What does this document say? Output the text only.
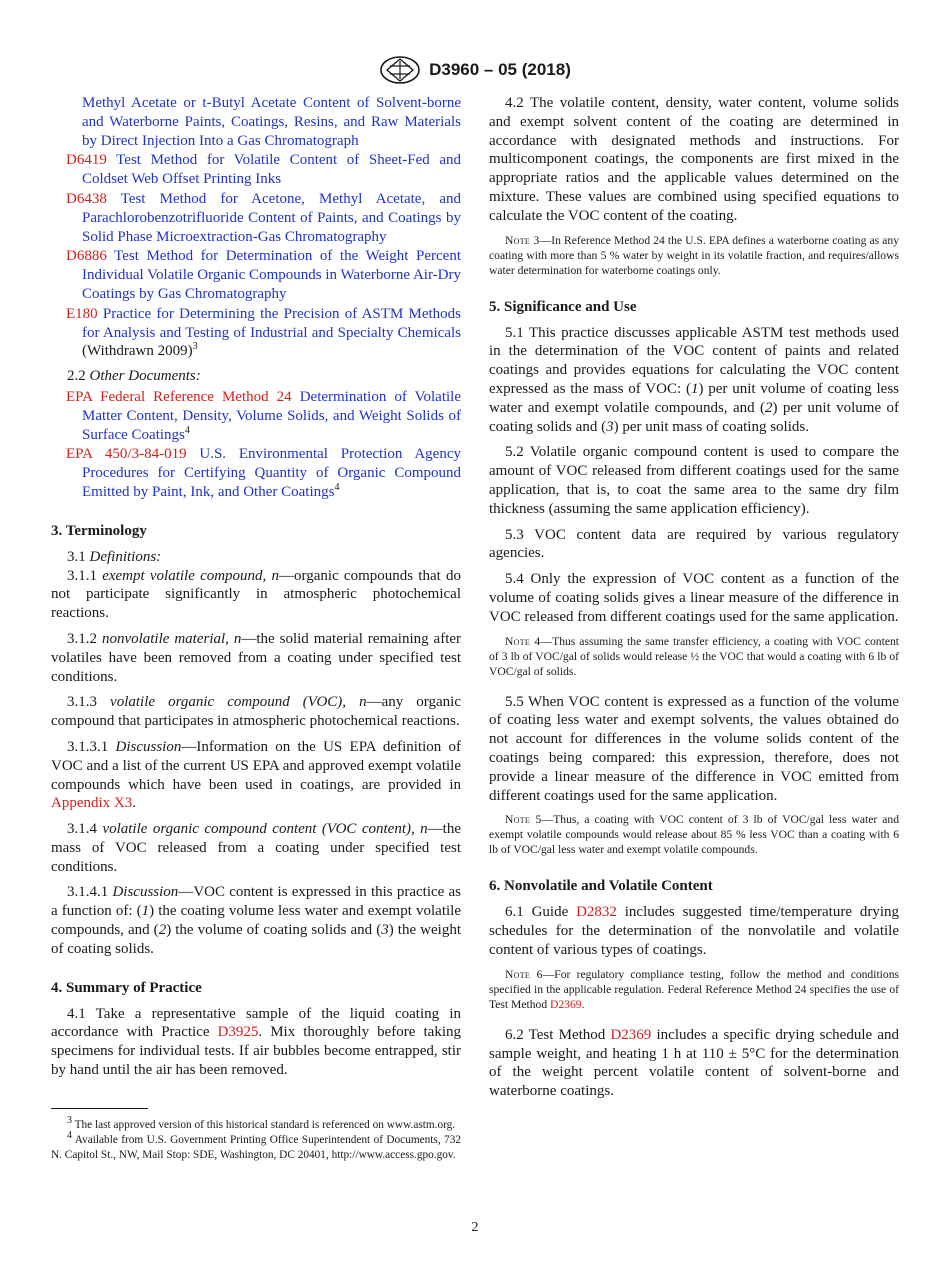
D3960 – 05 (2018)

Methyl Acetate or t-Butyl Acetate Content of Solvent-borne and Waterborne Paints, Coatings, Resins, and Raw Materials by Direct Injection Into a Gas Chromatograph

D6419 Test Method for Volatile Content of Sheet-Fed and Coldset Web Offset Printing Inks

D6438 Test Method for Acetone, Methyl Acetate, and Parachlorobenzotrifluoride Content of Paints, and Coatings by Solid Phase Microextraction-Gas Chromatography

D6886 Test Method for Determination of the Weight Percent Individual Volatile Organic Compounds in Waterborne Air-Dry Coatings by Gas Chromatography

E180 Practice for Determining the Precision of ASTM Methods for Analysis and Testing of Industrial and Specialty Chemicals (Withdrawn 2009)$^3$

2.2 Other Documents:

EPA Federal Reference Method 24 Determination of Volatile Matter Content, Density, Volume Solids, and Weight Solids of Surface Coatings$^4$

EPA 450/3-84-019 U.S. Environmental Protection Agency Procedures for Certifying Quantity of Organic Compound Emitted by Paint, Ink, and Other Coatings$^4$

3. Terminology

3.1 Definitions:

3.1.1 exempt volatile compound, n—organic compounds that do not participate significantly in atmospheric photochemical reactions.

3.1.2 nonvolatile material, n—the solid material remaining after volatiles have been removed from a coating under specified test conditions.

3.1.3 volatile organic compound (VOC), n—any organic compound that participates in atmospheric photochemical reactions.

3.1.3.1 Discussion—Information on the US EPA definition of VOC and a list of the current US EPA and approved exempt volatile compounds which have been used in coatings, are provided in Appendix X3.

3.1.4 volatile organic compound content (VOC content), n—the mass of VOC released from a coating under specified test conditions.

3.1.4.1 Discussion—VOC content is expressed in this practice as a function of: (1) the coating volume less water and exempt volatile compounds, and (2) the volume of coating solids and (3) the weight of coating solids.

4. Summary of Practice

4.1 Take a representative sample of the liquid coating in accordance with Practice D3925. Mix thoroughly before taking specimens for individual tests. If air bubbles become entrapped, stir by hand until the air has been removed.

$^3$ The last approved version of this historical standard is referenced on www.astm.org.

$^4$ Available from U.S. Government Printing Office Superintendent of Documents, 732 N. Capitol St., NW, Mail Stop: SDE, Washington, DC 20401, http://www.access.gpo.gov.

4.2 The volatile content, density, water content, volume solids and exempt solvent content of the coating are determined in accordance with designated methods and instructions. For multicomponent coatings, the components are first mixed in the appropriate ratios and the applicable values determined on the mixture. These values are combined using specified equations to calculate the VOC content of the coating.

Note 3—In Reference Method 24 the U.S. EPA defines a waterborne coating as any coating with more than 5 % water by weight in its volatile fraction, and requires/allows water determination for waterborne coatings only.

5. Significance and Use

5.1 This practice discusses applicable ASTM test methods used in the determination of the VOC content of paints and related coatings and provides equations for calculating the VOC content expressed as the mass of VOC: (1) per unit volume of coating less water and exempt volatile compounds, and (2) per unit volume of coating solids and (3) per unit mass of coating solids.

5.2 Volatile organic compound content is used to compare the amount of VOC released from different coatings used for the same application, that is, to coat the same area to the same dry film thickness (assuming the same application efficiency).

5.3 VOC content data are required by various regulatory agencies.

5.4 Only the expression of VOC content as a function of the volume of coating solids gives a linear measure of the difference in VOC released from different coatings used for the same application.

Note 4—Thus assuming the same transfer efficiency, a coating with VOC content of 3 lb of VOC/gal of solids would release ½ the VOC that would a coating with 6 lb of VOC/gal of solids.

5.5 When VOC content is expressed as a function of the volume of coating less water and exempt solvents, the values obtained do not account for differences in the volume solids content of the coatings being compared: this expression, therefore, does not provide a linear measure of the difference in VOC emitted from different coatings used for the same application.

Note 5—Thus, a coating with VOC content of 3 lb of VOC/gal less water and exempt volatile compounds would release about 85 % less VOC than a coating with 6 lb of VOC/gal less water and exempt volatile compounds.

6. Nonvolatile and Volatile Content

6.1 Guide D2832 includes suggested time/temperature drying schedules for the determination of the nonvolatile and volatile content of various types of coatings.

Note 6—For regulatory compliance testing, follow the method and conditions specified in the applicable regulation. Federal Reference Method 24 specifies the use of Test Method D2369.

6.2 Test Method D2369 includes a specific drying schedule and sample weight, and heating 1 h at 110 ± 5°C for the determination of the weight percent volatile content of solvent-borne and waterborne coatings.

2
